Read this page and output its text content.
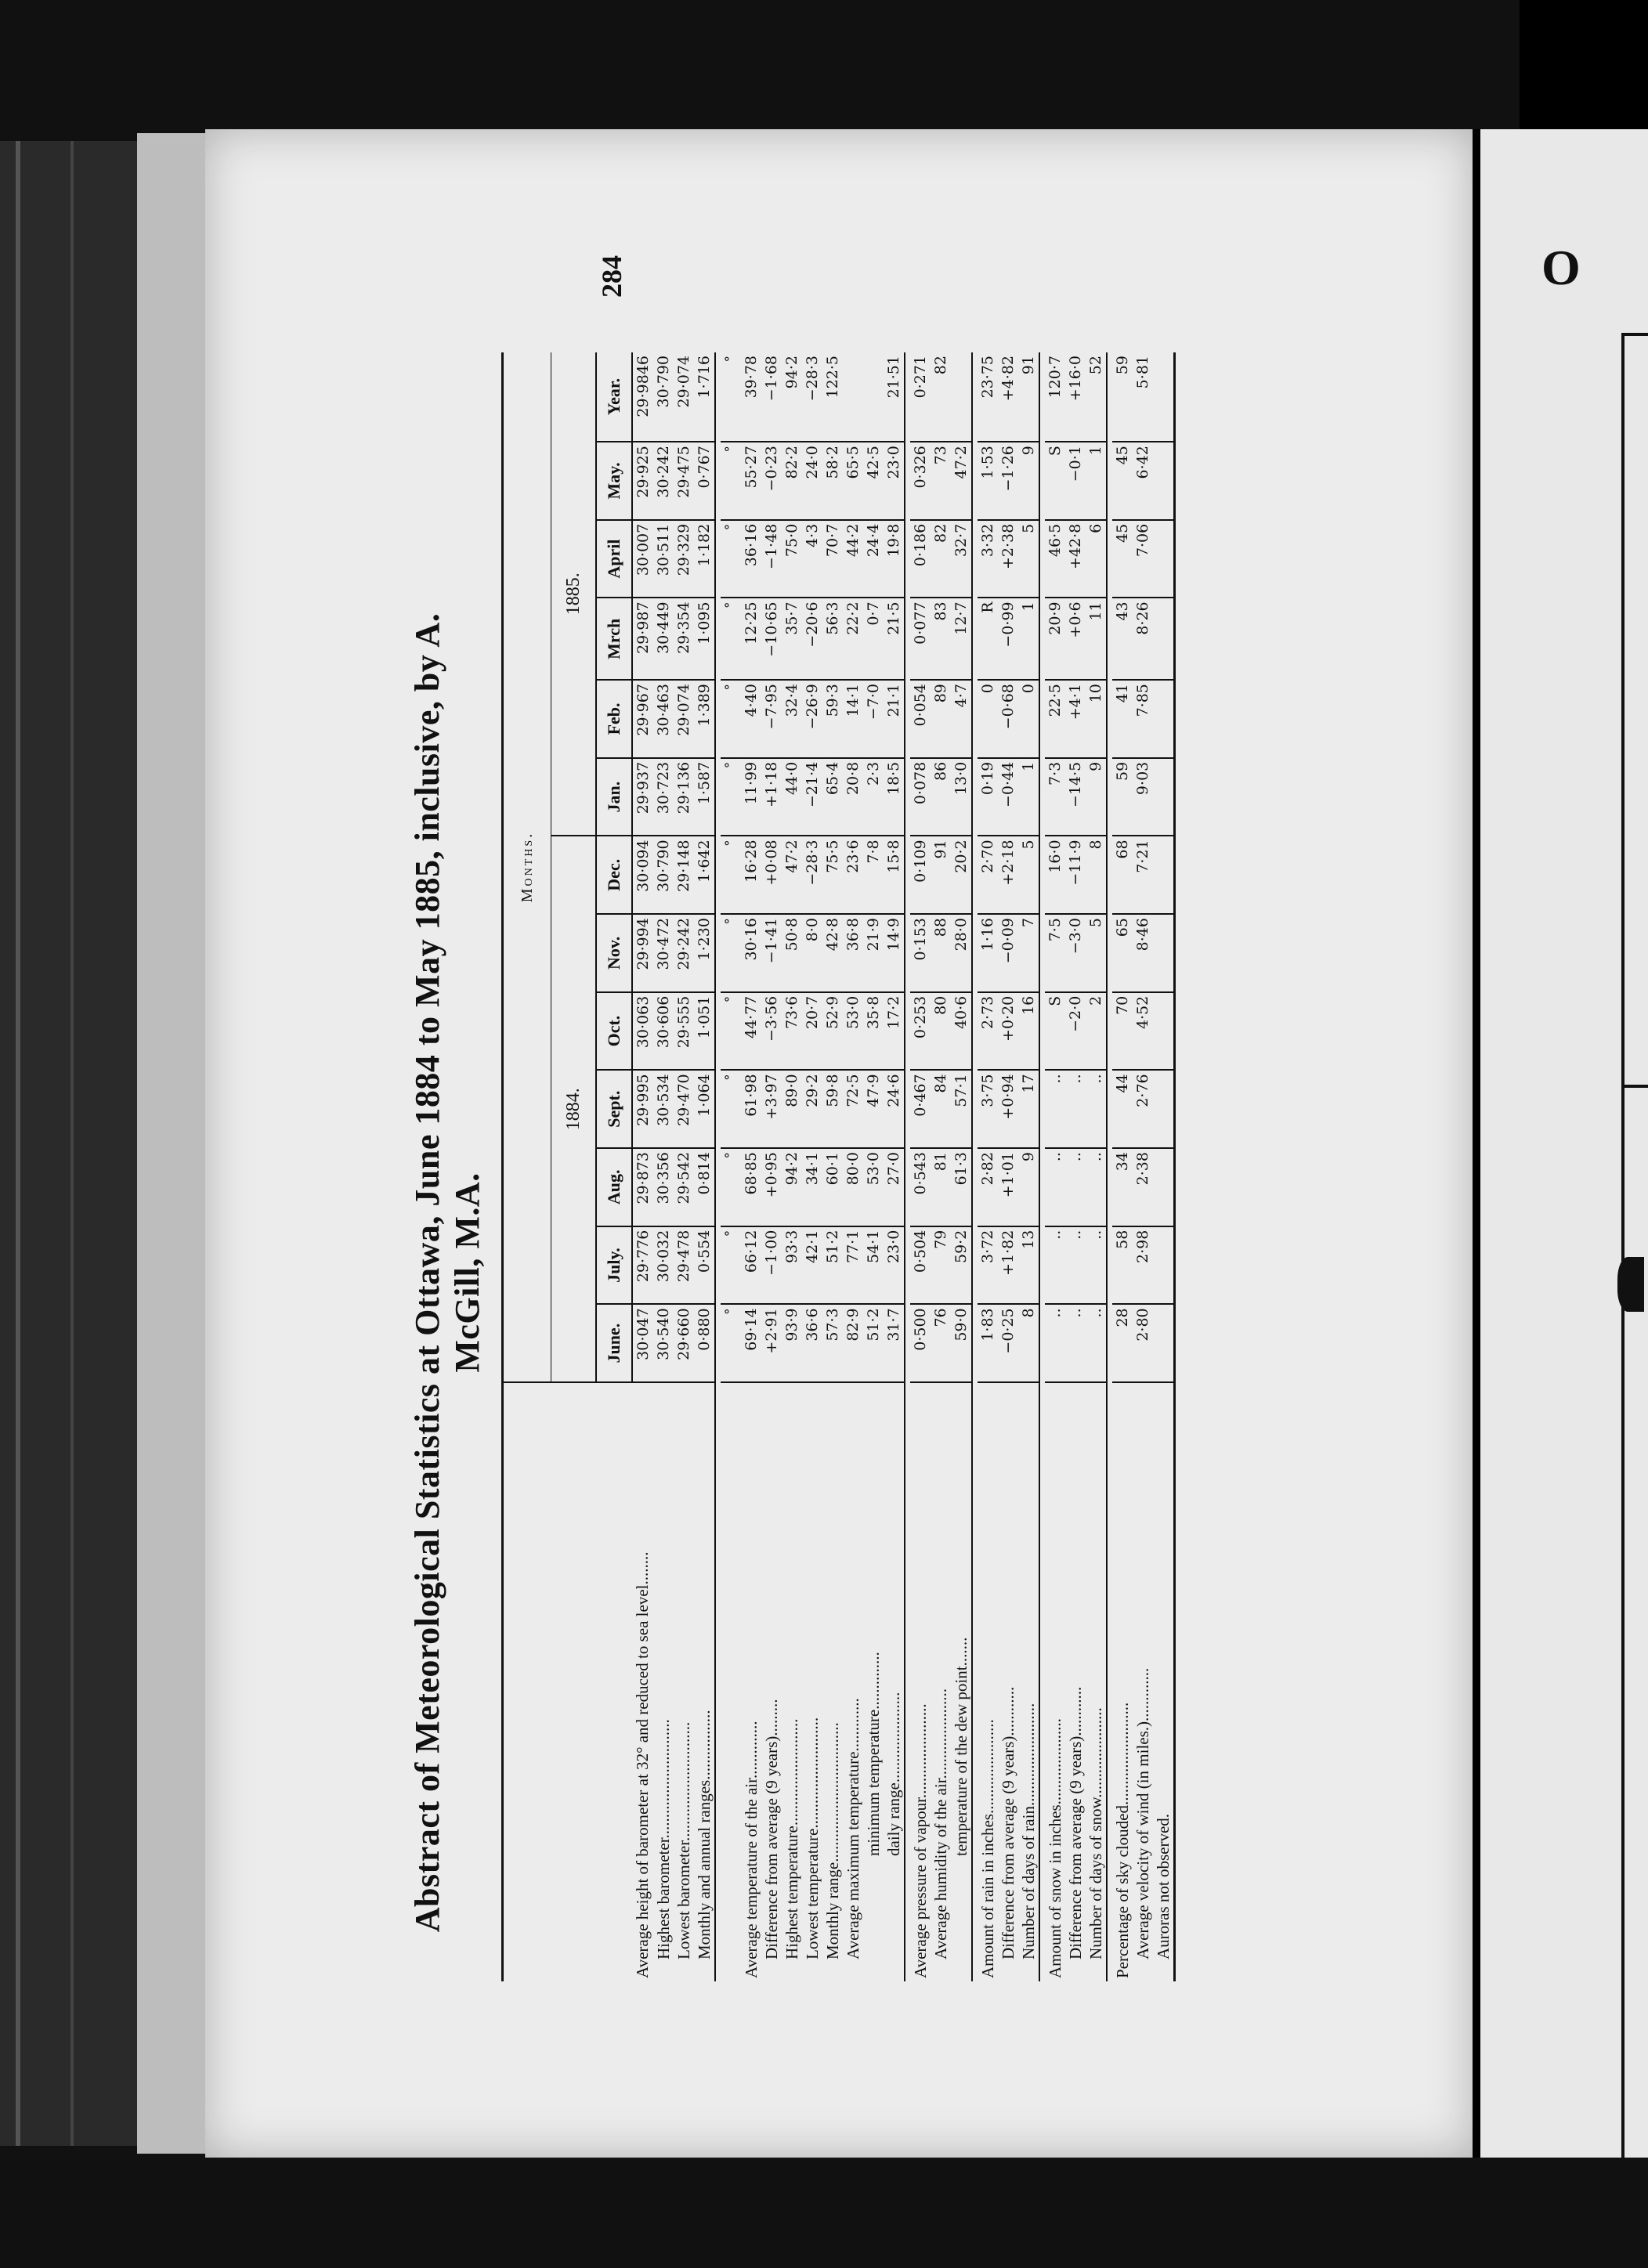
O
BE
Abstract of Meteorological Statistics at Ottawa, June 1884 to May 1885, inclusive, by A. McGill, M.A.
284
	Months.												
	1884.							1885.					
	June.	July.	Aug.	Sept.	Oct.	Nov.	Dec.	Jan.	Feb.	Mrch	April	May.	Year.
Average height of barometer at 32° and reduced to sea level........	30·047	29·776	29·873	29·995	30·063	29·994	30·094	29·937	29·967	29·987	30·007	29·925	29·9846
Highest barometer.............................	30·540	30·032	30·356	30·534	30·606	30·472	30·790	30·723	30·463	30·449	30·511	30·242	30·790
Lowest barometer.............................	29·660	29·478	29·542	29·470	29·555	29·242	29·148	29·136	29·074	29·354	29·329	29·475	29·074
Monthly and annual ranges.................	0·880	0·554	0·814	1·064	1·051	1·230	1·642	1·587	1·389	1·095	1·182	0·767	1·716

	°	°	°	°	°	°	°	°	°	°	°	°	°
Average temperature of the air..............	69·14	66·12	68·85	61·98	44·77	30·16	16·28	11·99	4·40	12·25	36·16	55·27	39·78
Difference from average (9 years).........	+2·91	−1·00	+0·95	+3·97	−3·56	−1·41	+0·08	+1·18	−7·95	−10·65	−1·48	−0·23	−1·68
Highest temperature..........................	93·9	93·3	94·2	89·0	73·6	50·8	47·2	44·0	32·4	35·7	75·0	82·2	94·2
Lowest temperature...........................	36·6	42·1	34·1	29·2	20·7	8·0	−28·3	−21·4	−26·9	−20·6	4·3	24·0	−28·3
Monthly range..................................	57·3	51·2	60·1	59·8	52·9	42·8	75·5	65·4	59·3	56·3	70·7	58·2	122·5
Average maximum temperature.............	82·9	77·1	80·0	72·5	53·0	36·8	23·6	20·8	14·1	22·2	44·2	65·5	
minimum temperature..............	51·2	54·1	53·0	47·9	35·8	21·9	7·8	2·3	−7·0	0·7	24·4	42·5	
daily range......................	31·7	23·0	27·0	24·6	17·2	14·9	15·8	18·5	21·1	21·5	19·8	23·0	21·51

Average pressure of vapour.......................	0·500	0·504	0·543	0·467	0·253	0·153	0·109	0·078	0·054	0·077	0·186	0·326	0·271
Average humidity of the air......................	76	79	81	84	80	88	91	86	89	83	82	73	82
temperature of the dew point.......	59·0	59·2	61·3	57·1	40·6	28·0	20·2	13·0	4·7	12·7	32·7	47·2	

Amount of rain in inches.......................	1·83	3·72	2·82	3·75	2·73	1·16	2·70	0·19	0	R	3·32	1·53	23·75
Difference from average (9 years)............	−0·25	+1·82	+1·01	+0·94	+0·20	−0·09	+2·18	−0·44	−0·68	−0·99	+2·38	−1·26	+4·82
Number of days of rain.........................	8	13	9	17	16	7	5	1	0	1	5	9	91

Amount of snow in inches.....................	..	..	..	..	S	7·5	16·0	7·3	22·5	20·9	46·5	S	120·7
Difference from average (9 years)............	..	..	..	..	−2·0	−3·0	−11·9	−14·5	+4·1	+0·6	+42·8	−0·1	+16·0
Number of days of snow......................	..	..	..	..	2	5	8	9	10	11	6	1	52

Percentage of sky clouded.........................	28	58	34	44	70	65	68	59	41	43	45	45	59
Average velocity of wind (in miles.).............	2·80	2·98	2·38	2·76	4·52	8·46	7·21	9·03	7·85	8·26	7·06	6·42	5·81
Auroras not observed.													
